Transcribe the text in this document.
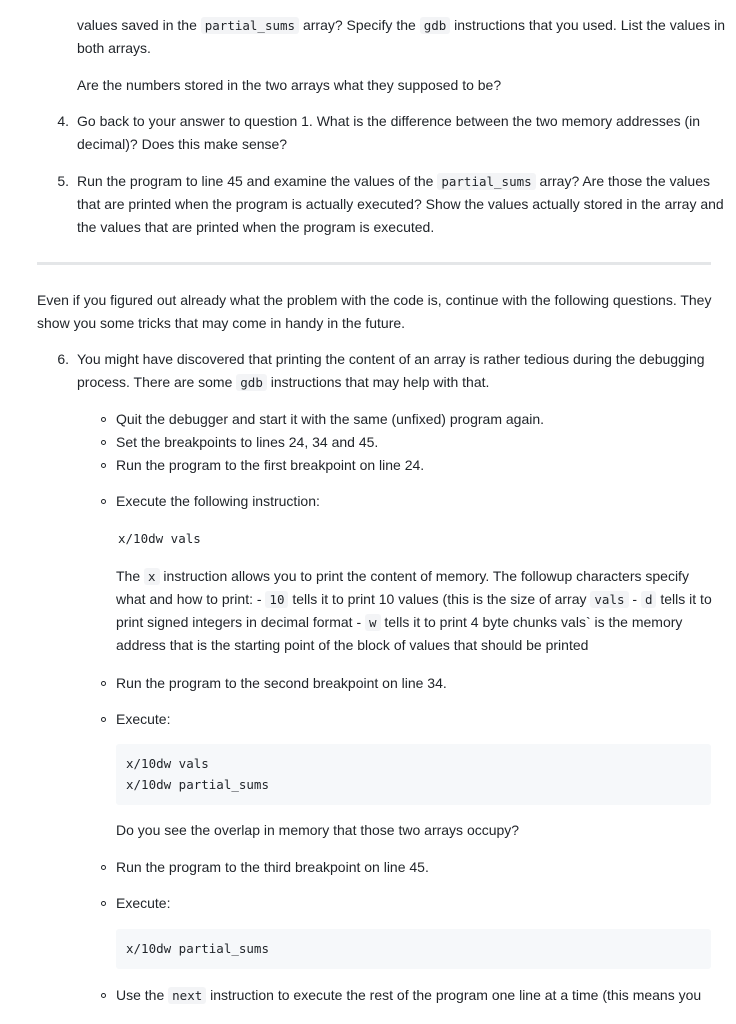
values saved in the partial_sums array? Specify the gdb instructions that you used. List the values in
both arrays.
Are the numbers stored in the two arrays what they supposed to be?
4. Go back to your answer to question 1. What is the difference between the two memory addresses (in
decimal)? Does this make sense?
5. Run the program to line 45 and examine the values of the partial_sums array? Are those the values
that are printed when the program is actually executed? Show the values actually stored in the array and
the values that are printed when the program is executed.
Even if you figured out already what the problem with the code is, continue with the following questions. They
show you some tricks that may come in handy in the future.
6. You might have discovered that printing the content of an array is rather tedious during the debugging
process. There are some gdb instructions that may help with that.
Quit the debugger and start it with the same (unfixed) program again.
Set the breakpoints to lines 24, 34 and 45.
Run the program to the first breakpoint on line 24.
Execute the following instruction:
x/10dw vals
The x instruction allows you to print the content of memory. The followup characters specify
what and how to print: - 10 tells it to print 10 values (this is the size of array vals - d tells it to
print signed integers in decimal format - w tells it to print 4 byte chunks vals` is the memory
address that is the starting point of the block of values that should be printed
Run the program to the second breakpoint on line 34.
Execute:
x/10dw vals
x/10dw partial_sums
Do you see the overlap in memory that those two arrays occupy?
Run the program to the third breakpoint on line 45.
Execute:
x/10dw partial_sums
Use the next instruction to execute the rest of the program one line at a time (this means you
